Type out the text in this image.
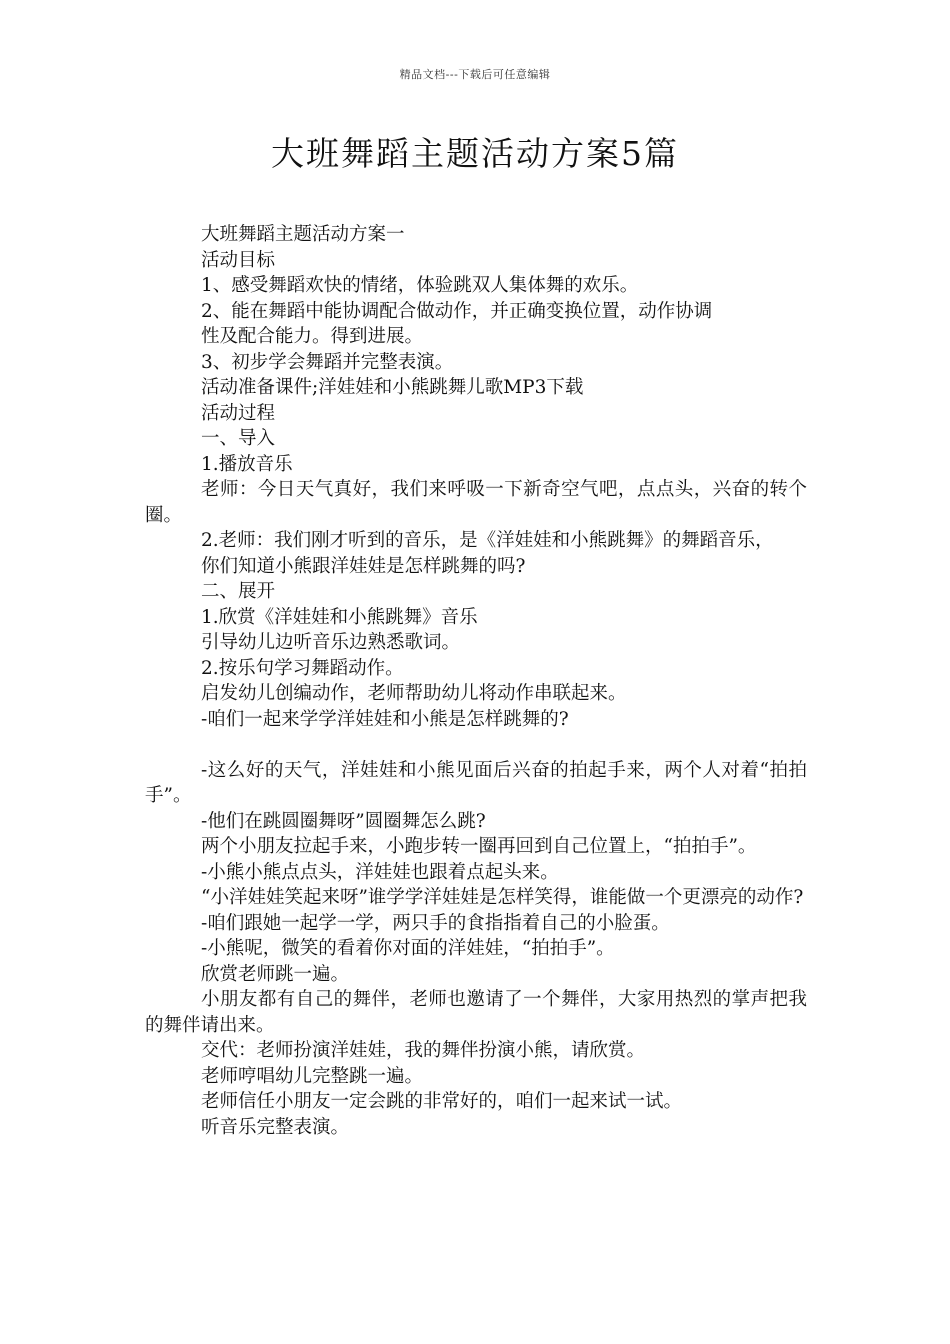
精品文档---下载后可任意编辑
大班舞蹈主题活动方案5篇

大班舞蹈主题活动方案一

活动目标

1、感受舞蹈欢快的情绪，体验跳双人集体舞的欢乐。

2、能在舞蹈中能协调配合做动作，并正确变换位置，动作协调

性及配合能力。得到进展。

3、初步学会舞蹈并完整表演。

活动准备课件;洋娃娃和小熊跳舞儿歌MP3下载

活动过程

一、导入

1.播放音乐

老师：今日天气真好，我们来呼吸一下新奇空气吧，点点头，兴奋的转个圈。

2.老师：我们刚才听到的音乐，是《洋娃娃和小熊跳舞》的舞蹈音乐，

你们知道小熊跟洋娃娃是怎样跳舞的吗?

二、展开

1.欣赏《洋娃娃和小熊跳舞》音乐

引导幼儿边听音乐边熟悉歌词。

2.按乐句学习舞蹈动作。

启发幼儿创编动作，老师帮助幼儿将动作串联起来。

-咱们一起来学学洋娃娃和小熊是怎样跳舞的?

-这么好的天气，洋娃娃和小熊见面后兴奋的拍起手来，两个人对着“拍拍手”。

-他们在跳圆圈舞呀”圆圈舞怎么跳?

两个小朋友拉起手来，小跑步转一圈再回到自己位置上，“拍拍手”。

-小熊小熊点点头，洋娃娃也跟着点起头来。

“小洋娃娃笑起来呀”谁学学洋娃娃是怎样笑得，谁能做一个更漂亮的动作?

-咱们跟她一起学一学，两只手的食指指着自己的小脸蛋。

-小熊呢，微笑的看着你对面的洋娃娃，“拍拍手”。

欣赏老师跳一遍。

小朋友都有自己的舞伴，老师也邀请了一个舞伴，大家用热烈的掌声把我的舞伴请出来。

交代：老师扮演洋娃娃，我的舞伴扮演小熊，请欣赏。

老师哼唱幼儿完整跳一遍。

老师信任小朋友一定会跳的非常好的，咱们一起来试一试。

听音乐完整表演。
